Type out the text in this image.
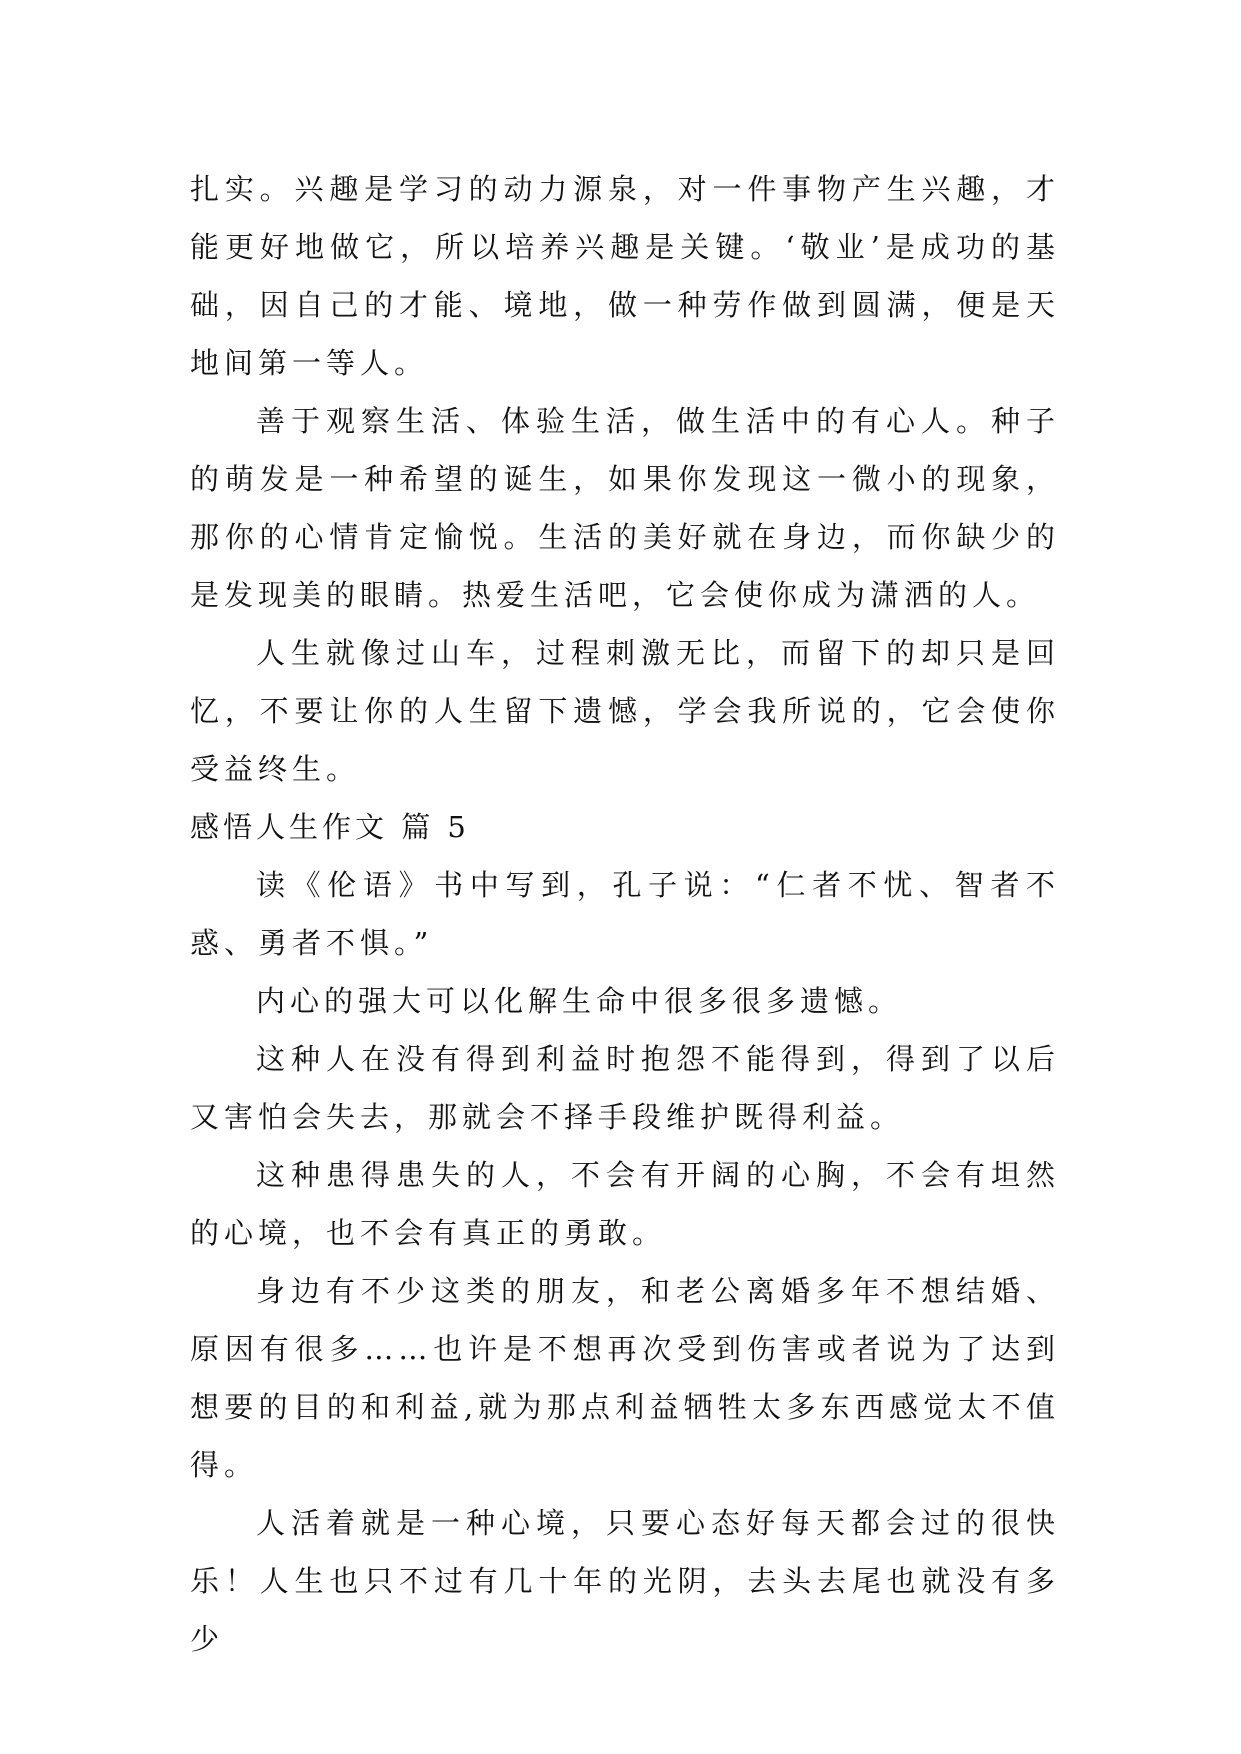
扎实。兴趣是学习的动力源泉，对一件事物产生兴趣，才能更好地做它，所以培养兴趣是关键。‘敬业’是成功的基础，因自己的才能、境地，做一种劳作做到圆满，便是天地间第一等人。

善于观察生活、体验生活，做生活中的有心人。种子的萌发是一种希望的诞生，如果你发现这一微小的现象，那你的心情肯定愉悦。生活的美好就在身边，而你缺少的是发现美的眼睛。热爱生活吧，它会使你成为潇洒的人。

人生就像过山车，过程刺激无比，而留下的却只是回忆，不要让你的人生留下遗憾，学会我所说的，它会使你受益终生。

感悟人生作文 篇 5

读《伦语》书中写到，孔子说：“仁者不忧、智者不惑、勇者不惧。”

内心的强大可以化解生命中很多很多遗憾。

这种人在没有得到利益时抱怨不能得到，得到了以后又害怕会失去，那就会不择手段维护既得利益。

这种患得患失的人，不会有开阔的心胸，不会有坦然的心境，也不会有真正的勇敢。

身边有不少这类的朋友，和老公离婚多年不想结婚、原因有很多……也许是不想再次受到伤害或者说为了达到想要的目的和利益,就为那点利益牺牲太多东西感觉太不值得。

人活着就是一种心境，只要心态好每天都会过的很快乐！人生也只不过有几十年的光阴，去头去尾也就没有多少
